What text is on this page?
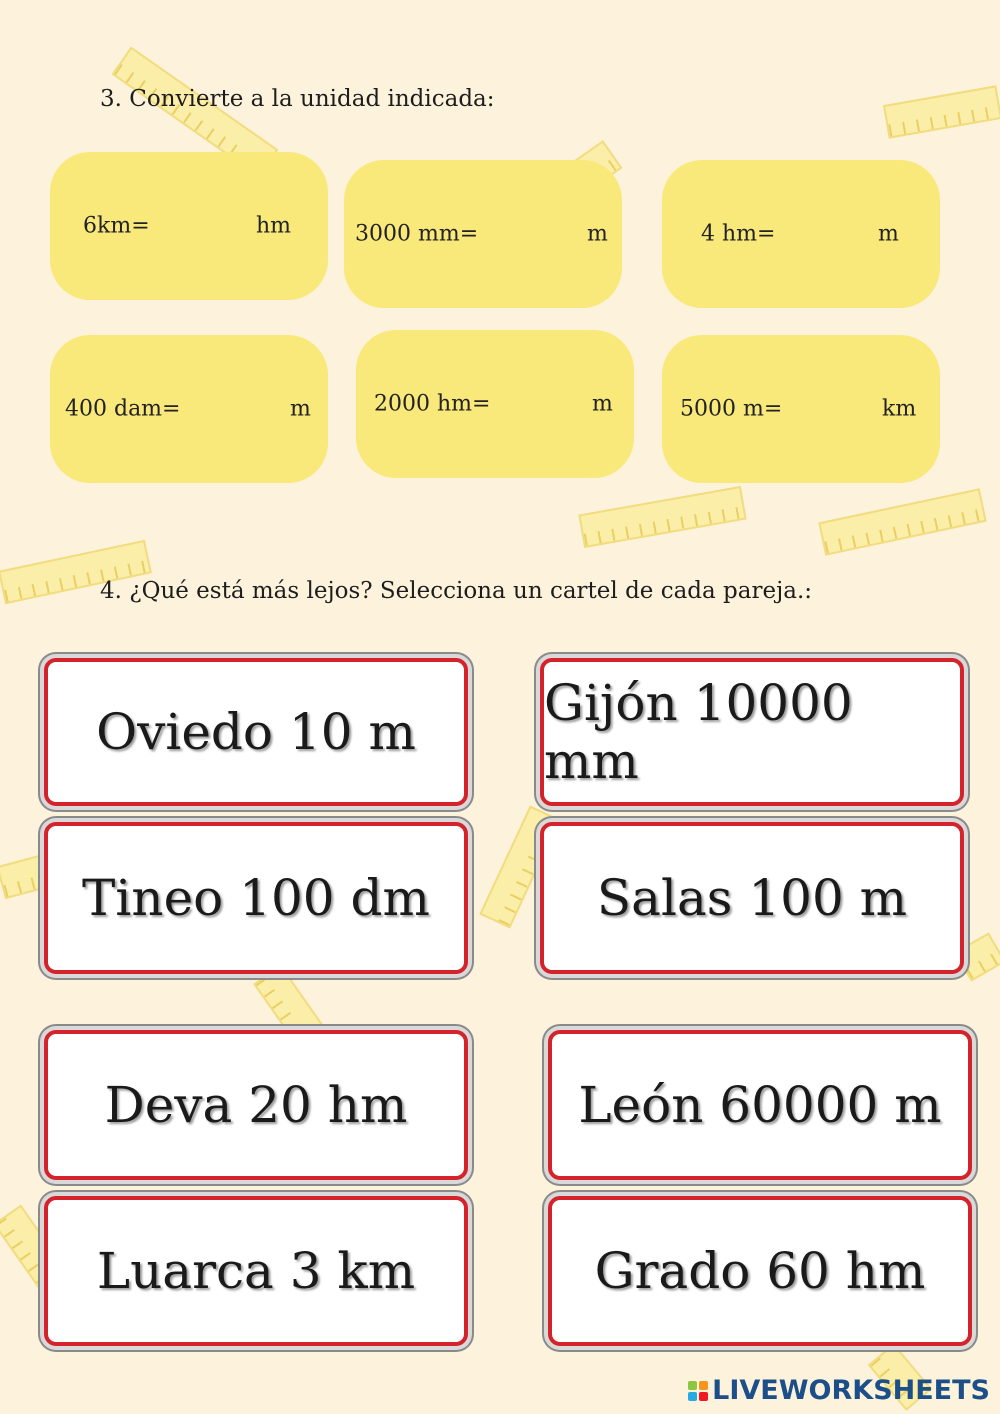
3. Convierte a la unidad indicada:
6km=	hm	3000 mm=	m	4 hm=	m
400 dam=	m	2000 hm=	m	5000 m=	km
4. ¿Qué está más lejos? Selecciona un cartel de cada pareja.:
Oviedo 10 m	Gijón 10000 mm
Tineo 100 dm	Salas 100 m
Deva 20 hm	León 60000 m
Luarca 3 km	Grado 60 hm
LIVEWORKSHEETS
